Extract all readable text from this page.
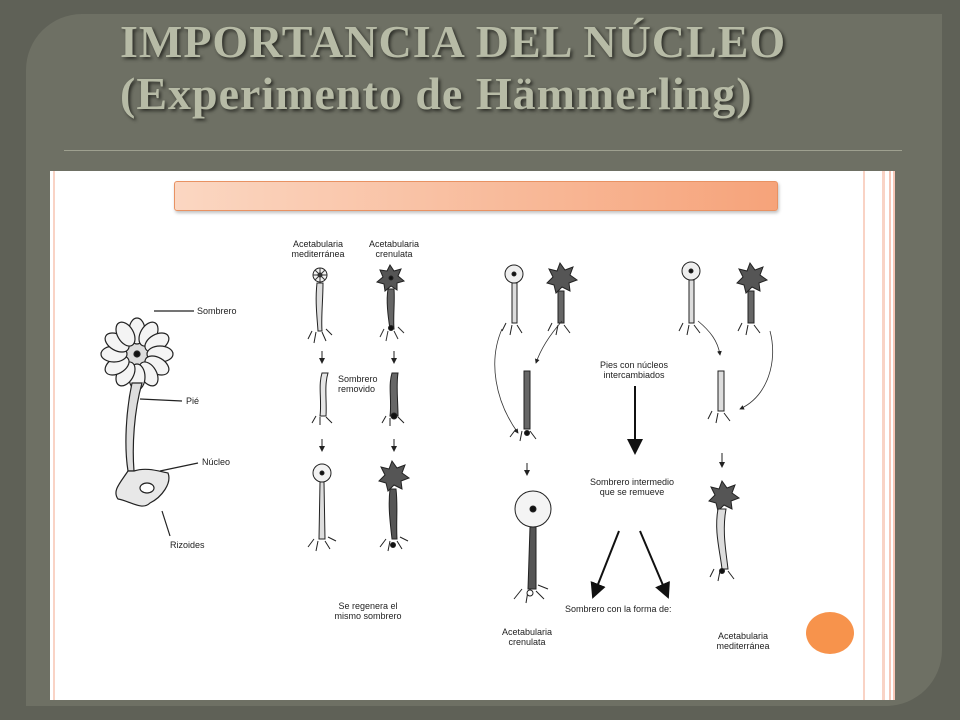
IMPORTANCIA DEL NÚCLEO
(Experimento de Hämmerling)
Acetabularia
mediterránea
Acetabularia
crenulata
Sombrero
Pié
Núcleo
Rizoides
Sombrero
removido
Se regenera el
mismo sombrero
Pies con núcleos
intercambiados
Sombrero intermedio
que se remueve
Sombrero con la forma de:
Acetabularia
crenulata
Acetabularia
mediterránea
